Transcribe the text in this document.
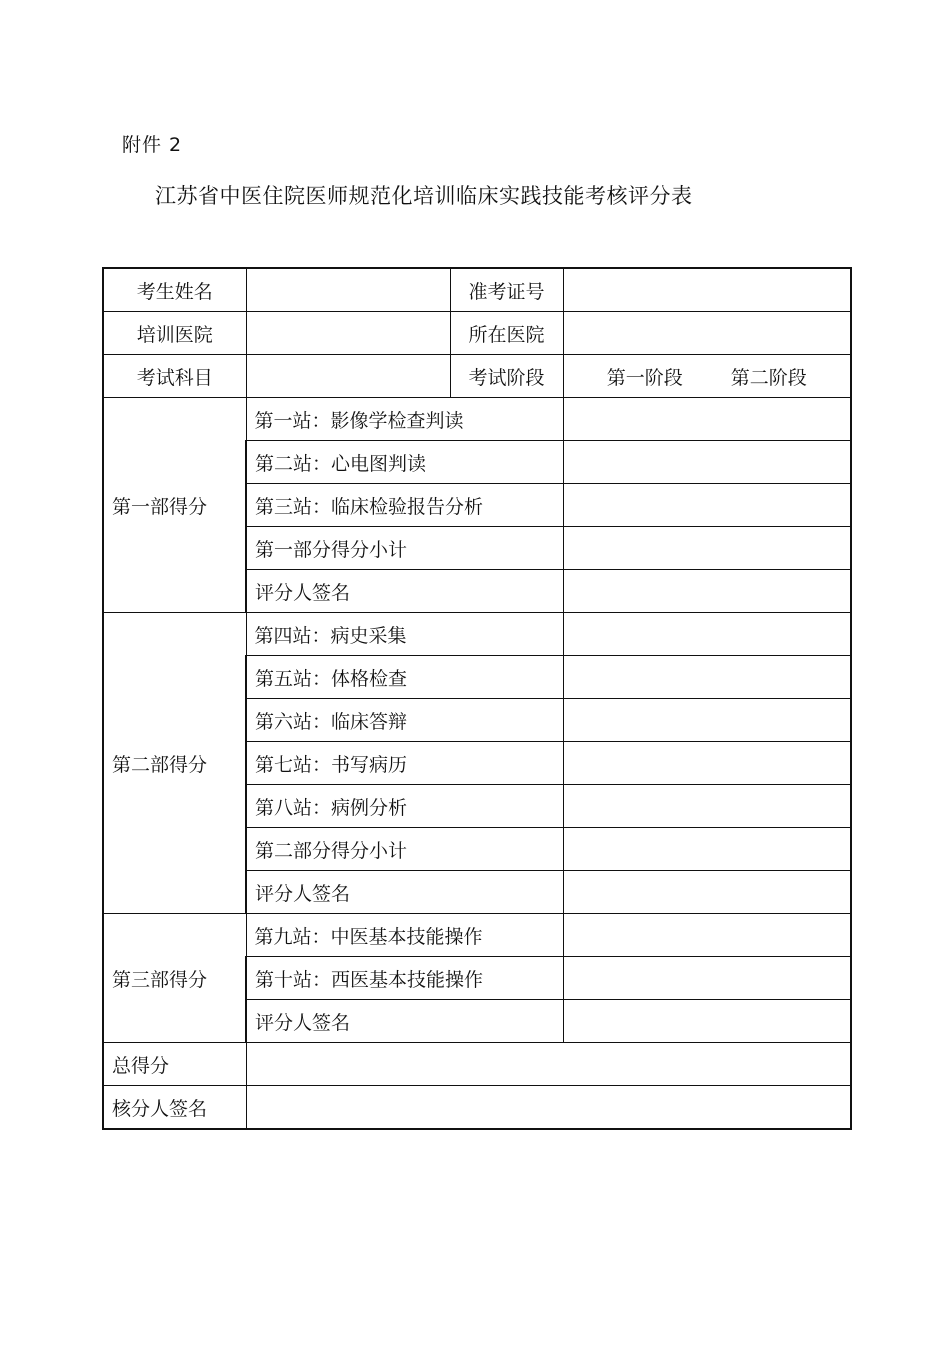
附件 2
江苏省中医住院医师规范化培训临床实践技能考核评分表
考生姓名		准考证号	
培训医院		所在医院	
考试科目		考试阶段	第一阶段 第二阶段
第一部得分	第一站：影像学检查判读		
	第二站：心电图判读		
	第三站：临床检验报告分析		
	第一部分得分小计		
	评分人签名		
第二部得分	第四站：病史采集		
	第五站：体格检查		
	第六站：临床答辩		
	第七站：书写病历		
	第八站：病例分析		
	第二部分得分小计		
	评分人签名		
第三部得分	第九站：中医基本技能操作		
	第十站：西医基本技能操作		
	评分人签名		
总得分			
核分人签名			
